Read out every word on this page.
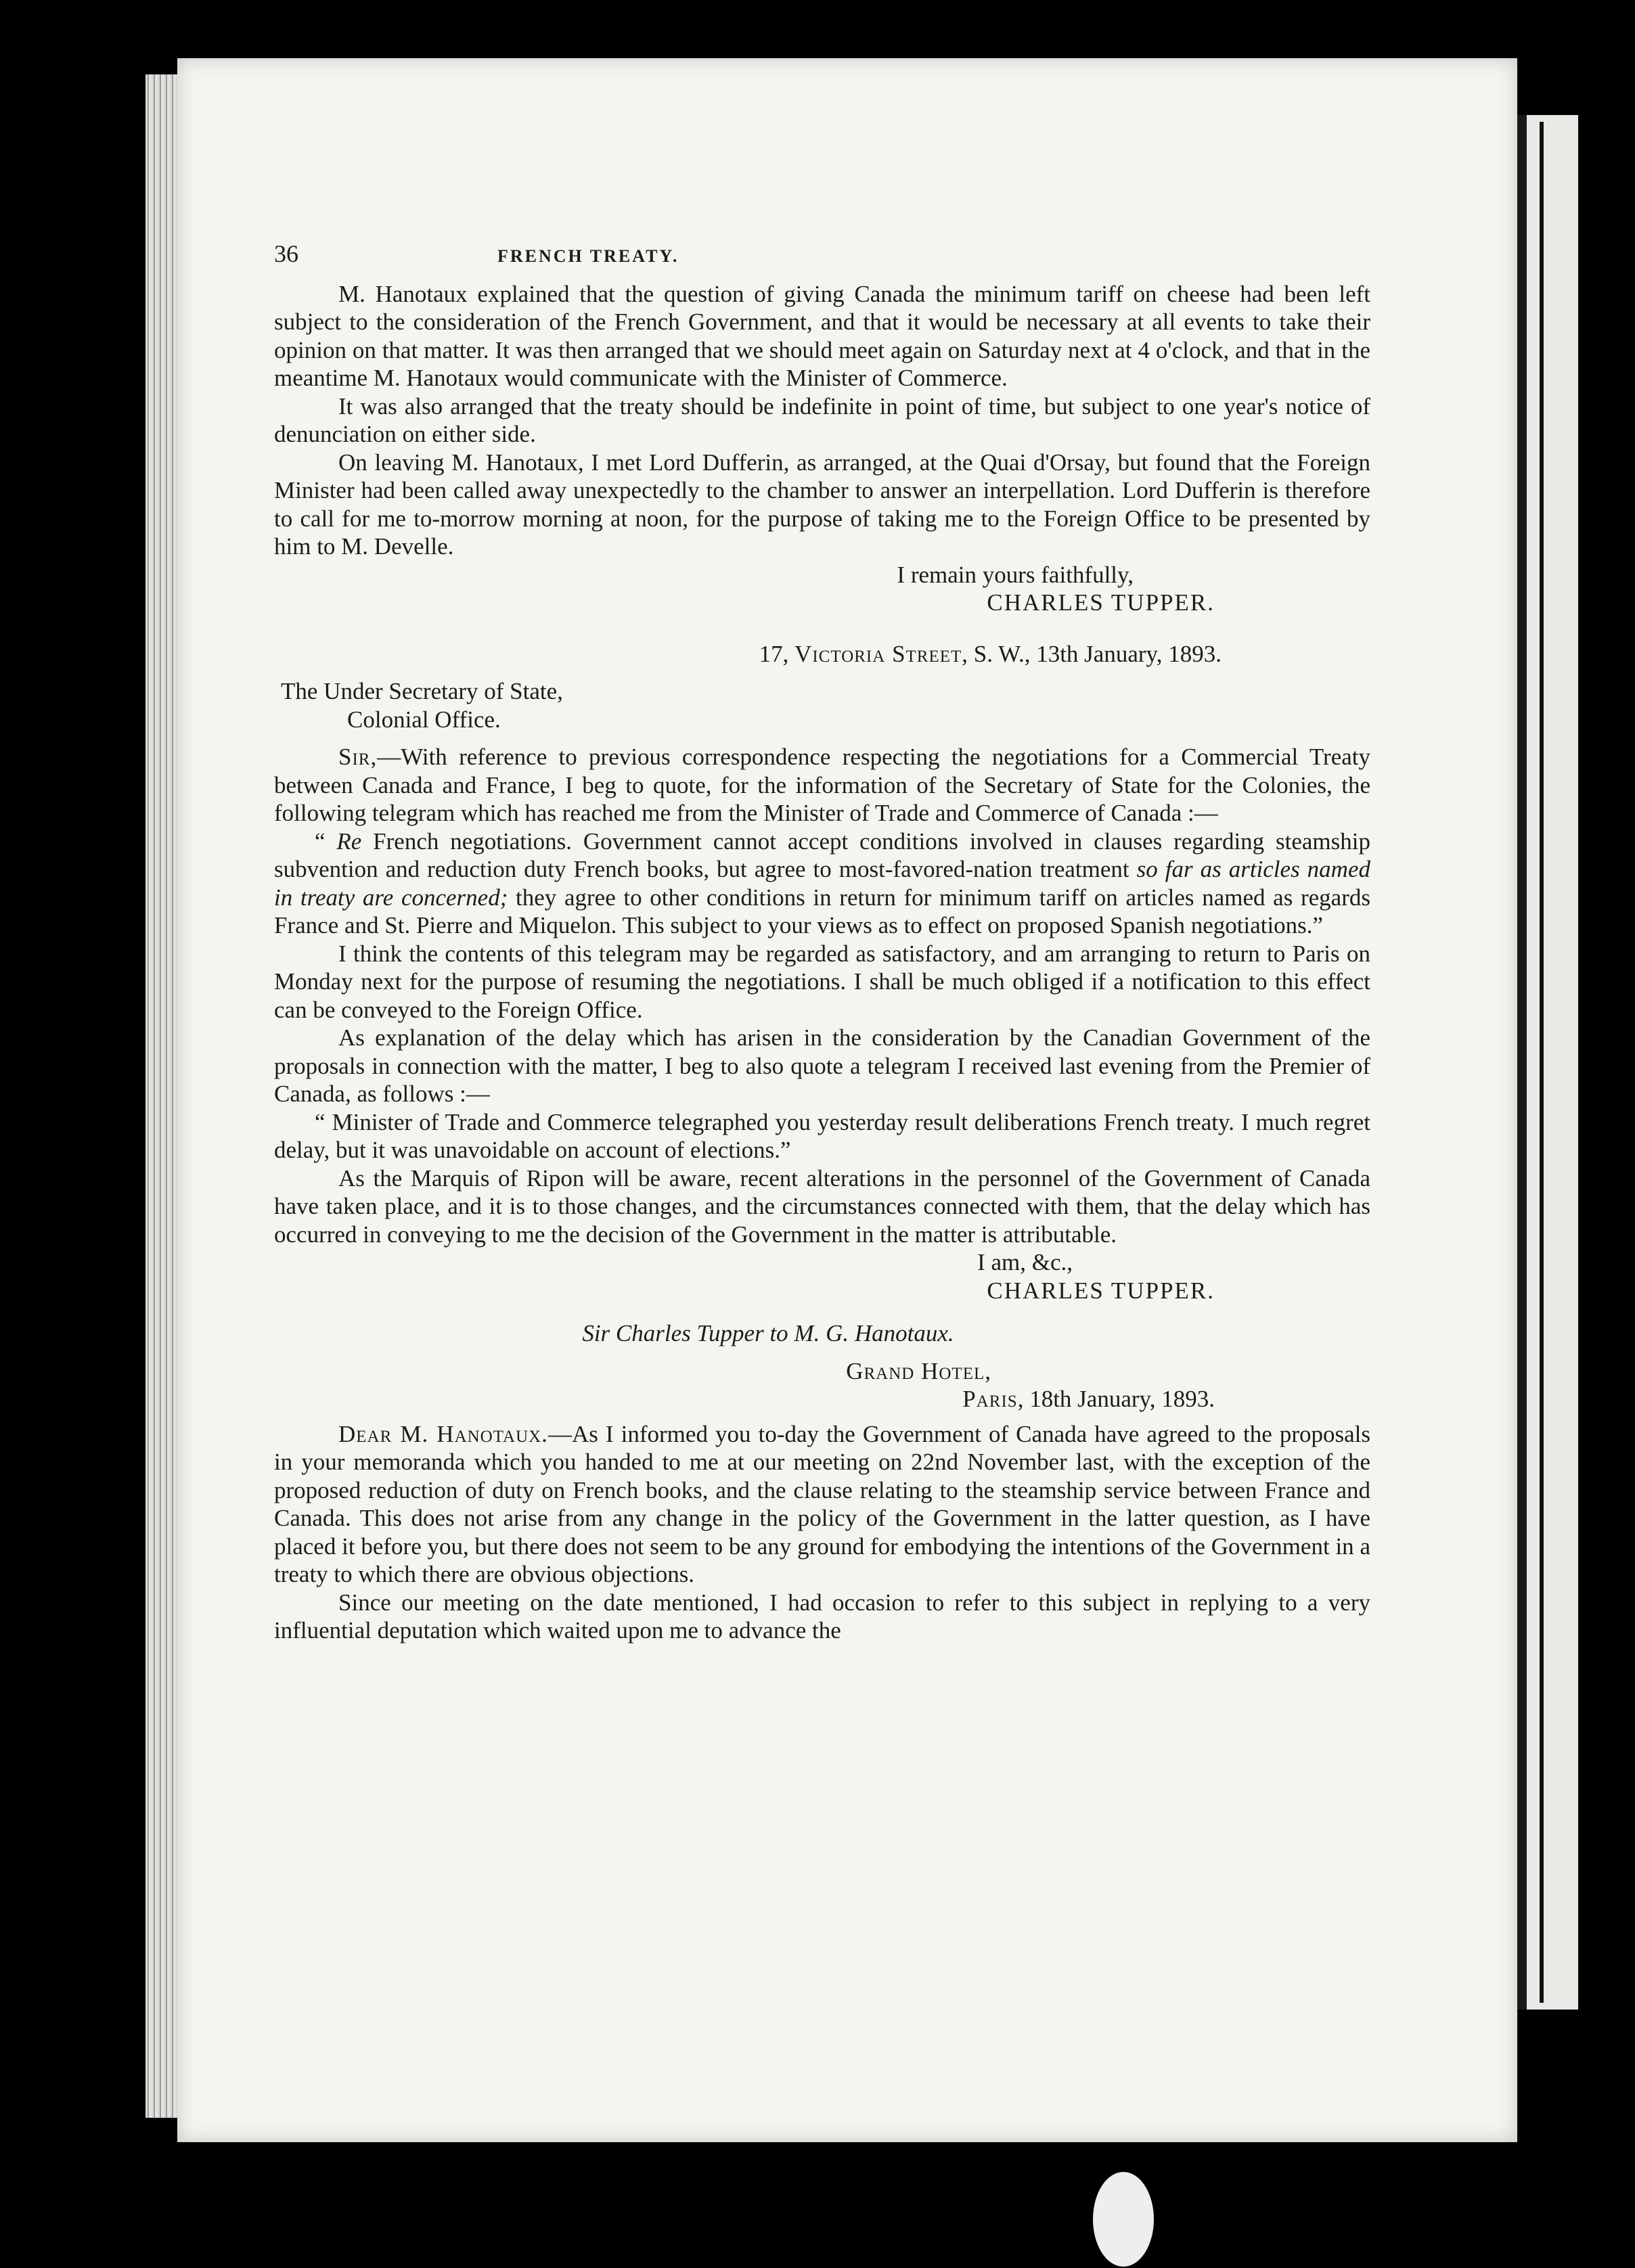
36	FRENCH TREATY.

M. Hanotaux explained that the question of giving Canada the minimum tariff on cheese had been left subject to the consideration of the French Government, and that it would be necessary at all events to take their opinion on that matter. It was then arranged that we should meet again on Saturday next at 4 o'clock, and that in the meantime M. Hanotaux would communicate with the Minister of Commerce.

It was also arranged that the treaty should be indefinite in point of time, but subject to one year's notice of denunciation on either side.

On leaving M. Hanotaux, I met Lord Dufferin, as arranged, at the Quai d'Orsay, but found that the Foreign Minister had been called away unexpectedly to the chamber to answer an interpellation. Lord Dufferin is therefore to call for me to-morrow morning at noon, for the purpose of taking me to the Foreign Office to be presented by him to M. Develle.

I remain yours faithfully,

CHARLES TUPPER.

17, Victoria Street, S. W., 13th January, 1893.

The Under Secretary of State,

Colonial Office.

Sir,—With reference to previous correspondence respecting the negotiations for a Commercial Treaty between Canada and France, I beg to quote, for the information of the Secretary of State for the Colonies, the following telegram which has reached me from the Minister of Trade and Commerce of Canada :—

“ Re French negotiations. Government cannot accept conditions involved in clauses regarding steamship subvention and reduction duty French books, but agree to most-favored-nation treatment so far as articles named in treaty are concerned; they agree to other conditions in return for minimum tariff on articles named as regards France and St. Pierre and Miquelon. This subject to your views as to effect on proposed Spanish negotiations.”

I think the contents of this telegram may be regarded as satisfactory, and am arranging to return to Paris on Monday next for the purpose of resuming the negotiations. I shall be much obliged if a notification to this effect can be conveyed to the Foreign Office.

As explanation of the delay which has arisen in the consideration by the Canadian Government of the proposals in connection with the matter, I beg to also quote a telegram I received last evening from the Premier of Canada, as follows :—

“ Minister of Trade and Commerce telegraphed you yesterday result deliberations French treaty. I much regret delay, but it was unavoidable on account of elections.”

As the Marquis of Ripon will be aware, recent alterations in the personnel of the Government of Canada have taken place, and it is to those changes, and the circumstances connected with them, that the delay which has occurred in conveying to me the decision of the Government in the matter is attributable.

I am, &c.,

CHARLES TUPPER.

Sir Charles Tupper to M. G. Hanotaux.

Grand Hotel,

Paris, 18th January, 1893.

Dear M. Hanotaux.—As I informed you to-day the Government of Canada have agreed to the proposals in your memoranda which you handed to me at our meeting on 22nd November last, with the exception of the proposed reduction of duty on French books, and the clause relating to the steamship service between France and Canada. This does not arise from any change in the policy of the Government in the latter question, as I have placed it before you, but there does not seem to be any ground for embodying the intentions of the Government in a treaty to which there are obvious objections.

Since our meeting on the date mentioned, I had occasion to refer to this subject in replying to a very influential deputation which waited upon me to advance the
